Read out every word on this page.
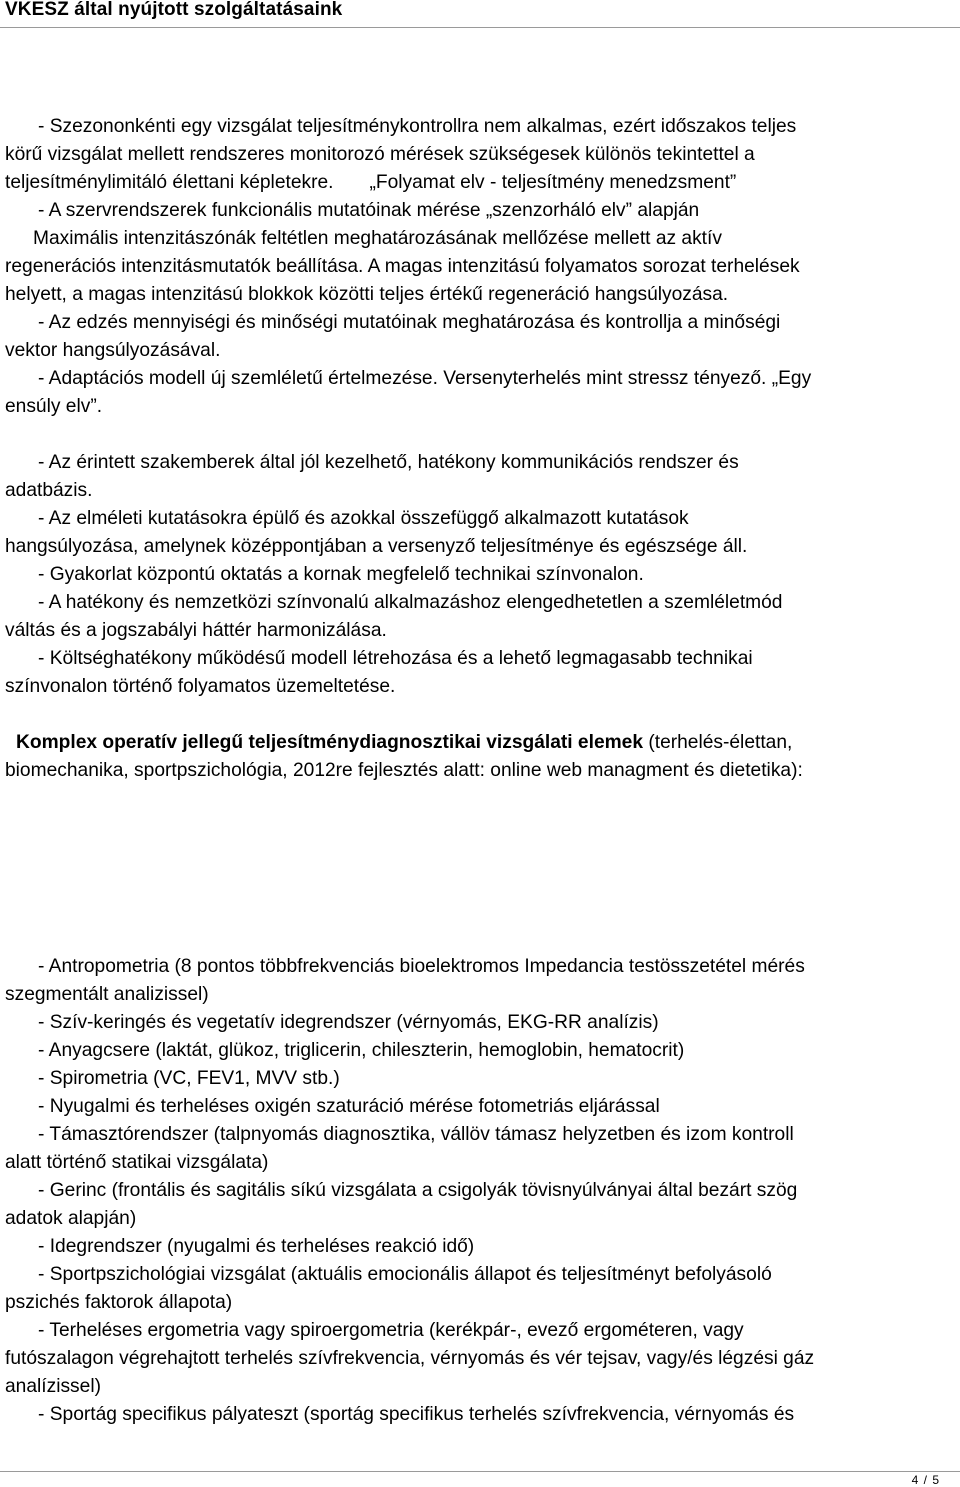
VKESZ által nyújtott szolgáltatásaink

- Szezononkénti egy vizsgálat teljesítménykontrollra nem alkalmas, ezért időszakos teljes

körű vizsgálat mellett rendszeres monitorozó mérések szükségesek különös tekintettel a

teljesítménylimitáló élettani képletekre. „Folyamat elv - teljesítmény menedzsment”

- A szervrendszerek funkcionális mutatóinak mérése „szenzorháló elv” alapján

Maximális intenzitászónák feltétlen meghatározásának mellőzése mellett az aktív

regenerációs intenzitásmutatók beállítása. A magas intenzitású folyamatos sorozat terhelések

helyett, a magas intenzitású blokkok közötti teljes értékű regeneráció hangsúlyozása.

- Az edzés mennyiségi és minőségi mutatóinak meghatározása és kontrollja a minőségi

vektor hangsúlyozásával.

- Adaptációs modell új szemléletű értelmezése. Versenyterhelés mint stressz tényező. „Egy

ensúly elv”.

- Az érintett szakemberek által jól kezelhető, hatékony kommunikációs rendszer és

adatbázis.

- Az elméleti kutatásokra épülő és azokkal összefüggő alkalmazott kutatások

hangsúlyozása, amelynek középpontjában a versenyző teljesítménye és egészsége áll.

- Gyakorlat központú oktatás a kornak megfelelő technikai színvonalon.

- A hatékony és nemzetközi színvonalú alkalmazáshoz elengedhetetlen a szemléletmód

váltás és a jogszabályi háttér harmonizálása.

- Költséghatékony működésű modell létrehozása és a lehető legmagasabb technikai

színvonalon történő folyamatos üzemeltetése.

Komplex operatív jellegű teljesítménydiagnosztikai vizsgálati elemek (terhelés-élettan,

biomechanika, sportpszichológia, 2012re fejlesztés alatt: online web managment és dietetika):

- Antropometria (8 pontos többfrekvenciás bioelektromos Impedancia testösszetétel mérés

szegmentált analizissel)

- Szív-keringés és vegetatív idegrendszer (vérnyomás, EKG-RR analízis)

- Anyagcsere (laktát, glükoz, triglicerin, chileszterin, hemoglobin, hematocrit)

- Spirometria (VC, FEV1, MVV stb.)

- Nyugalmi és terheléses oxigén szaturáció mérése fotometriás eljárással

- Támasztórendszer (talpnyomás diagnosztika, vállöv támasz helyzetben és izom kontroll

alatt történő statikai vizsgálata)

- Gerinc (frontális és sagitális síkú vizsgálata a csigolyák tövisnyúlványai által bezárt szög

adatok alapján)

- Idegrendszer (nyugalmi és terheléses reakció idő)

- Sportpszichológiai vizsgálat (aktuális emocionális állapot és teljesítményt befolyásoló

pszichés faktorok állapota)

- Terheléses ergometria vagy spiroergometria (kerékpár-, evező ergométeren, vagy

futószalagon végrehajtott terhelés szívfrekvencia, vérnyomás és vér tejsav, vagy/és légzési gáz

analízissel)

- Sportág specifikus pályateszt (sportág specifikus terhelés szívfrekvencia, vérnyomás és

4 / 5
